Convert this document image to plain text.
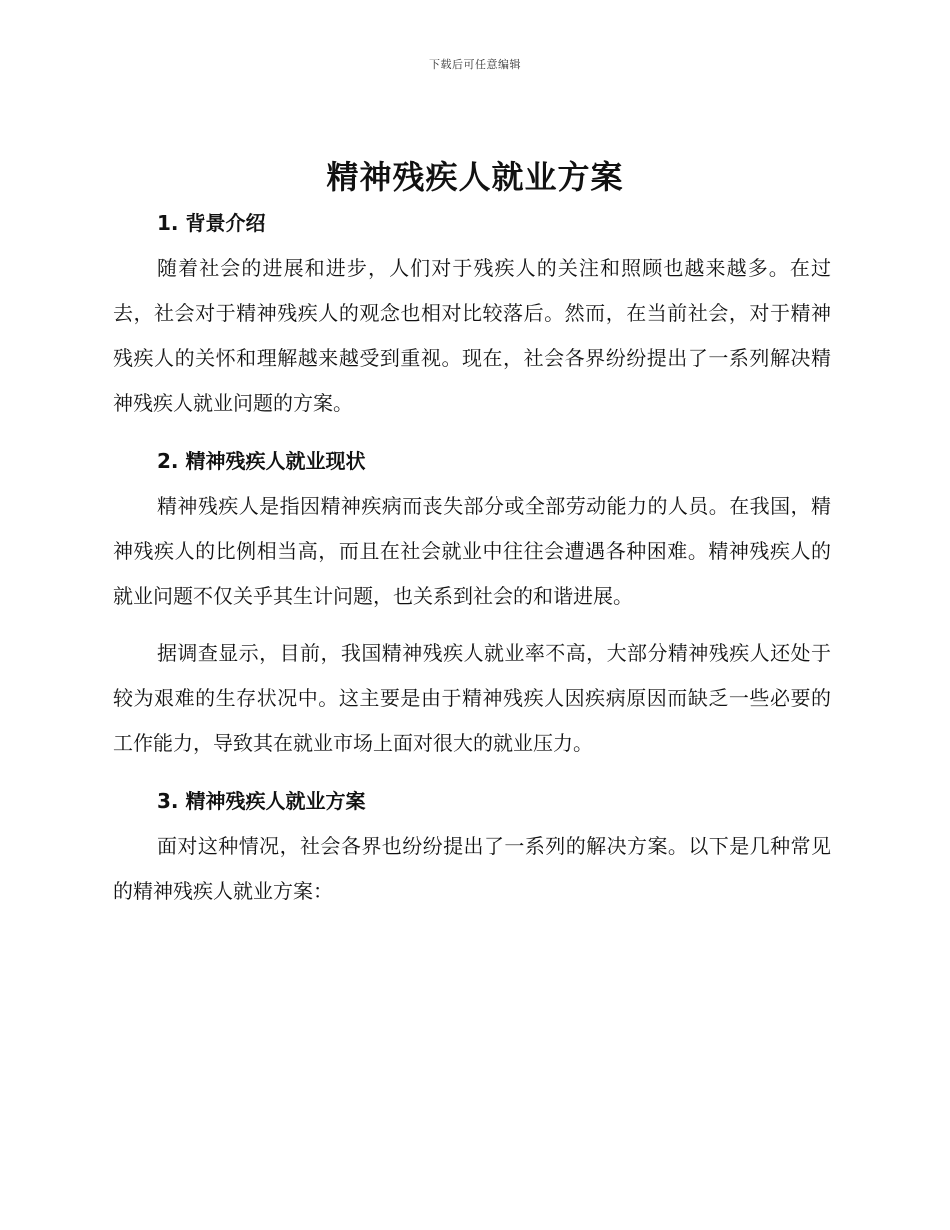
下载后可任意编辑
精神残疾人就业方案
1. 背景介绍

随着社会的进展和进步，人们对于残疾人的关注和照顾也越来越多。在过去，社会对于精神残疾人的观念也相对比较落后。然而，在当前社会，对于精神残疾人的关怀和理解越来越受到重视。现在，社会各界纷纷提出了一系列解决精神残疾人就业问题的方案。

2. 精神残疾人就业现状

精神残疾人是指因精神疾病而丧失部分或全部劳动能力的人员。在我国，精神残疾人的比例相当高，而且在社会就业中往往会遭遇各种困难。精神残疾人的就业问题不仅关乎其生计问题，也关系到社会的和谐进展。

据调查显示，目前，我国精神残疾人就业率不高，大部分精神残疾人还处于较为艰难的生存状况中。这主要是由于精神残疾人因疾病原因而缺乏一些必要的工作能力，导致其在就业市场上面对很大的就业压力。

3. 精神残疾人就业方案

面对这种情况，社会各界也纷纷提出了一系列的解决方案。以下是几种常见的精神残疾人就业方案：
